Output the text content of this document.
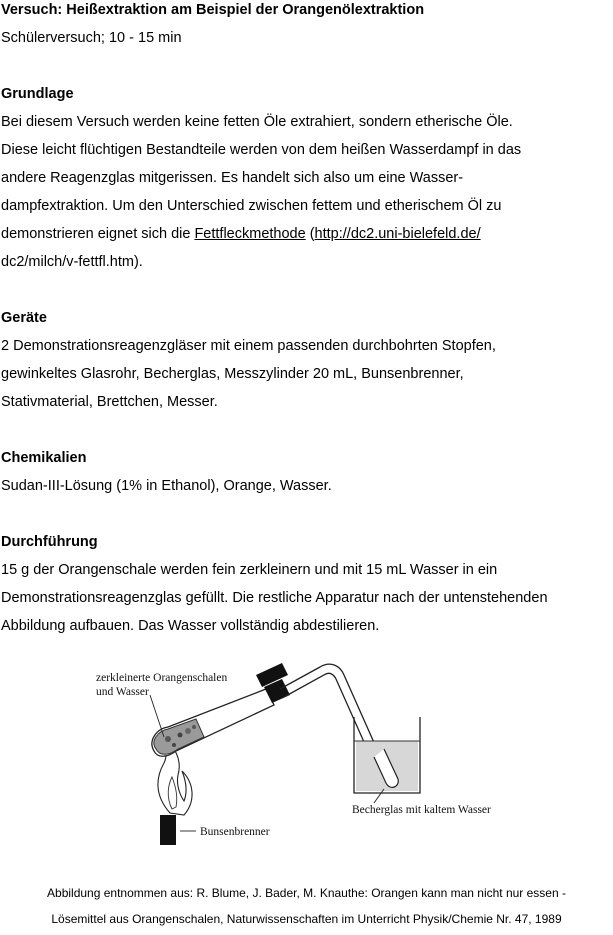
Versuch: Heißextraktion am Beispiel der Orangenölextraktion
Schülerversuch; 10 - 15 min
Grundlage
Bei diesem Versuch werden keine fetten Öle extrahiert, sondern etherische Öle.
Diese leicht flüchtigen Bestandteile werden von dem heißen Wasserdampf in das
andere Reagenzglas mitgerissen. Es handelt sich also um eine Wasser-
dampfextraktion. Um den Unterschied zwischen fettem und etherischem Öl zu
demonstrieren eignet sich die Fettfleckmethode (http://dc2.uni-bielefeld.de/
dc2/milch/v-fettfl.htm).
Geräte
2 Demonstrationsreagenzgläser mit einem passenden durchbohrten Stopfen,
gewinkeltes Glasrohr, Becherglas, Messzylinder 20 mL, Bunsenbrenner,
Stativmaterial, Brettchen, Messer.
Chemikalien
Sudan-III-Lösung (1% in Ethanol), Orange, Wasser.
Durchführung
15 g der Orangenschale werden fein zerkleinern und mit 15 mL Wasser in ein
Demonstrationsreagenzglas gefüllt. Die restliche Apparatur nach der untenstehenden
Abbildung aufbauen. Das Wasser vollständig abdestilieren.
zerkleinerte Orangenschalen
und Wasser
Becherglas mit kaltem Wasser
Bunsenbrenner
Abbildung entnommen aus: R. Blume, J. Bader, M. Knauthe: Orangen kann man nicht nur essen -
Lösemittel aus Orangenschalen, Naturwissenschaften im Unterricht Physik/Chemie Nr. 47, 1989
